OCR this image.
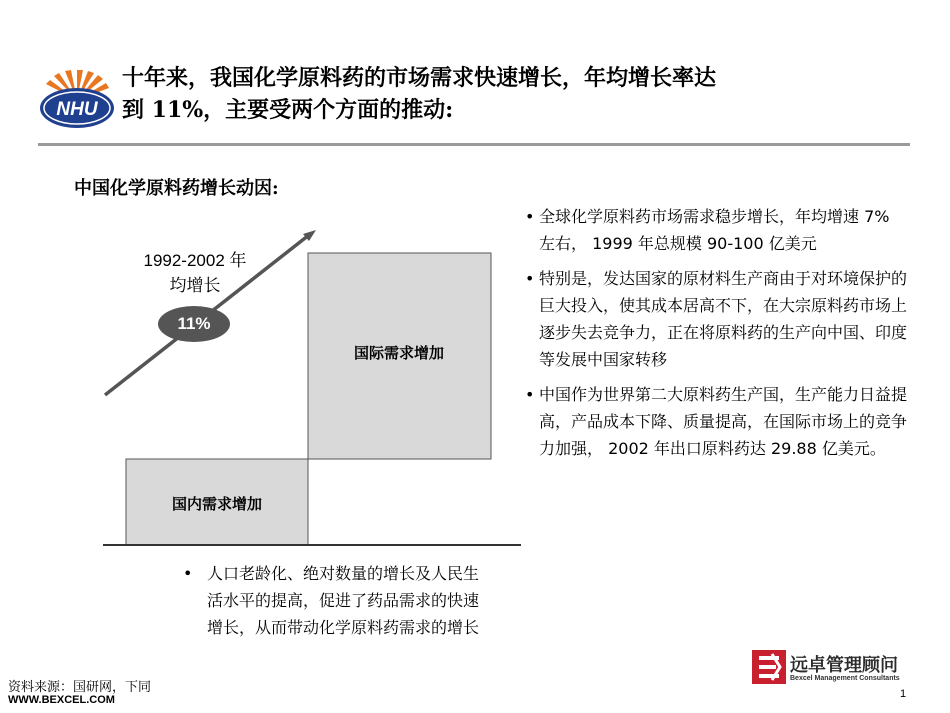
NHU
十年来，我国化学原料药的市场需求快速增长，年均增长率达
到 11%，主要受两个方面的推动:
中国化学原料药增长动因:
国内需求增加
国际需求增加
1992-2002 年
均增长
11%
• 全球化学原料药市场需求稳步增长，年均增速 7% 左右， 1999 年总规模 90-100 亿美元
• 特别是，发达国家的原材料生产商由于对环境保护的巨大投入，使其成本居高不下，在大宗原料药市场上逐步失去竞争力，正在将原料药的生产向中国、印度等发展中国家转移
• 中国作为世界第二大原料药生产国，生产能力日益提高，产品成本下降、质量提高，在国际市场上的竞争力加强， 2002 年出口原料药达 29.88 亿美元。
• 人口老龄化、绝对数量的增长及人民生活水平的提高，促进了药品需求的快速增长，从而带动化学原料药需求的增长
资料来源：国研网，下同
WWW.BEXCEL.COM
远卓管理顾问
Bexcel Management Consultants
1
